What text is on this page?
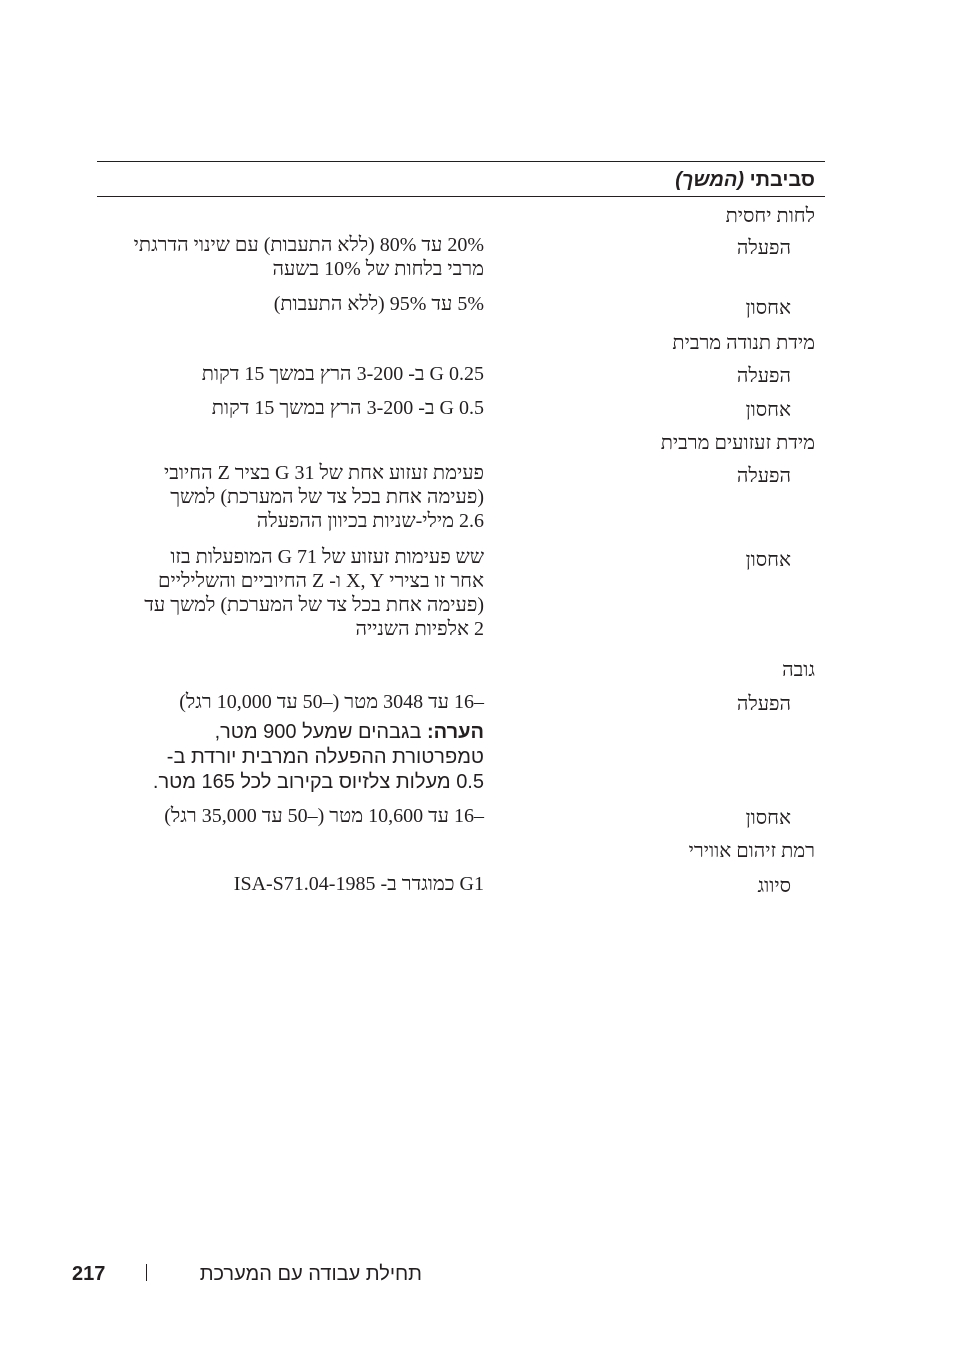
סביבתי (המשך)
לחות יחסית
הפעלה
20% עד 80% (ללא התעבות) עם שינוי הדרגתי
מרבי בלחות של 10% בשעה
אחסון
5% עד 95% (ללא התעבות)
מידת תנודה מרבית
הפעלה
0.25 G ב- 3-200 הרץ במשך 15 דקות
אחסון
0.5 G ב- 3-200 הרץ במשך 15 דקות
מידת זעזועים מרבית
הפעלה
פעימת זעזוע אחת של 31 G בציר Z החיובי
(פעימה אחת בכל צד של המערכת) למשך
2.6 מילי-שניות בכיוון ההפעלה
אחסון
שש פעימות זעזוע של 71 G המופעלות בזו
אחר זו בצירי X, Y ו- Z החיוביים והשליליים
(פעימה אחת בכל צד של המערכת) למשך עד
2 אלפיות השנייה
גובה
הפעלה
–16 עד 3048 מטר (–50 עד 10,000 רגל)
הערה: בגבהים שמעל 900 מטר,
טמפרטורת ההפעלה המרבית יורדת ב-
0.5 מעלות צלזיוס בקירוב לכל 165 מטר.
אחסון
–16 עד 10,600 מטר (–50 עד 35,000 רגל)
רמת זיהום אווירי
סיווג
G1 כמוגדר ב- ISA-S71.04-1985
217	תחילת עבודה עם המערכת
